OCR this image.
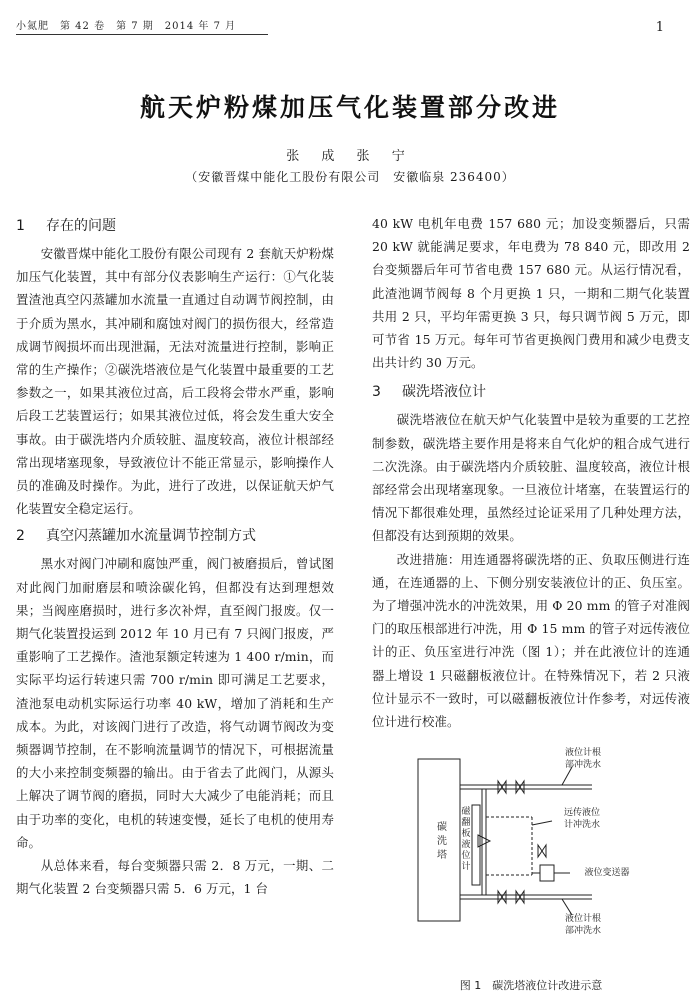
小氮肥　第 42 卷　第 7 期　2014 年 7 月	1
航天炉粉煤加压气化装置部分改进
张 成 张 宁
（安徽晋煤中能化工股份有限公司　安徽临泉 236400）
1 存在的问题

安徽晋煤中能化工股份有限公司现有 2 套航天炉粉煤加压气化装置，其中有部分仪表影响生产运行：①气化装置渣池真空闪蒸罐加水流量一直通过自动调节阀控制，由于介质为黑水，其冲刷和腐蚀对阀门的损伤很大，经常造成调节阀损坏而出现泄漏，无法对流量进行控制，影响正常的生产操作；②碳洗塔液位是气化装置中最重要的工艺参数之一，如果其液位过高，后工段将会带水严重，影响后段工艺装置运行；如果其液位过低，将会发生重大安全事故。由于碳洗塔内介质较脏、温度较高，液位计根部经常出现堵塞现象，导致液位计不能正常显示，影响操作人员的准确及时操作。为此，进行了改进，以保证航天炉气化装置安全稳定运行。

2 真空闪蒸罐加水流量调节控制方式

黑水对阀门冲刷和腐蚀严重，阀门被磨损后，曾试图对此阀门加耐磨层和喷涂碳化钨，但都没有达到理想效果；当阀座磨损时，进行多次补焊，直至阀门报废。仅一期气化装置投运到 2012 年 10 月已有 7 只阀门报废，严重影响了工艺操作。渣池泵额定转速为 1 400 r/min，而实际平均运行转速只需 700 r/min 即可满足工艺要求，渣池泵电动机实际运行功率 40 kW，增加了消耗和生产成本。为此，对该阀门进行了改造，将气动调节阀改为变频器调节控制，在不影响流量调节的情况下，可根据流量的大小来控制变频器的输出。由于省去了此阀门，从源头上解决了调节阀的磨损，同时大大减少了电能消耗；而且由于功率的变化，电机的转速变慢，延长了电机的使用寿命。

从总体来看，每台变频器只需 2．8 万元，一期、二期气化装置 2 台变频器只需 5．6 万元，1 台

40 kW 电机年电费 157 680 元；加设变频器后，只需20 kW 就能满足要求，年电费为 78 840 元，即改用 2 台变频器后年可节省电费 157 680 元。从运行情况看，此渣池调节阀每 8 个月更换 1 只，一期和二期气化装置共用 2 只，平均年需更换 3 只，每只调节阀 5 万元，即可节省 15 万元。每年可节省更换阀门费用和减少电费支出共计约 30 万元。

3 碳洗塔液位计

碳洗塔液位在航天炉气化装置中是较为重要的工艺控制参数，碳洗塔主要作用是将来自气化炉的粗合成气进行二次洗涤。由于碳洗塔内介质较脏、温度较高，液位计根部经常会出现堵塞现象。一旦液位计堵塞，在装置运行的情况下都很难处理，虽然经过论证采用了几种处理方法，但都没有达到预期的效果。

改进措施：用连通器将碳洗塔的正、负取压侧进行连通，在连通器的上、下侧分别安装液位计的正、负压室。为了增强冲洗水的冲洗效果，用 Φ 20 mm 的管子对准阀门的取压根部进行冲洗，用 Φ 15 mm 的管子对远传液位计的正、负压室进行冲洗（图 1）；并在此液位计的连通器上增设 1 只磁翻板液位计。在特殊情况下，若 2 只液位计显示不一致时，可以磁翻板液位计作参考，对远传液位计进行校准。

液位计根
部冲洗水
碳
洗
塔
磁
翻
板
液
位
计
远传液位
计冲洗水
液位变送器
液位计根
部冲洗水
图 1　碳洗塔液位计改进示意
